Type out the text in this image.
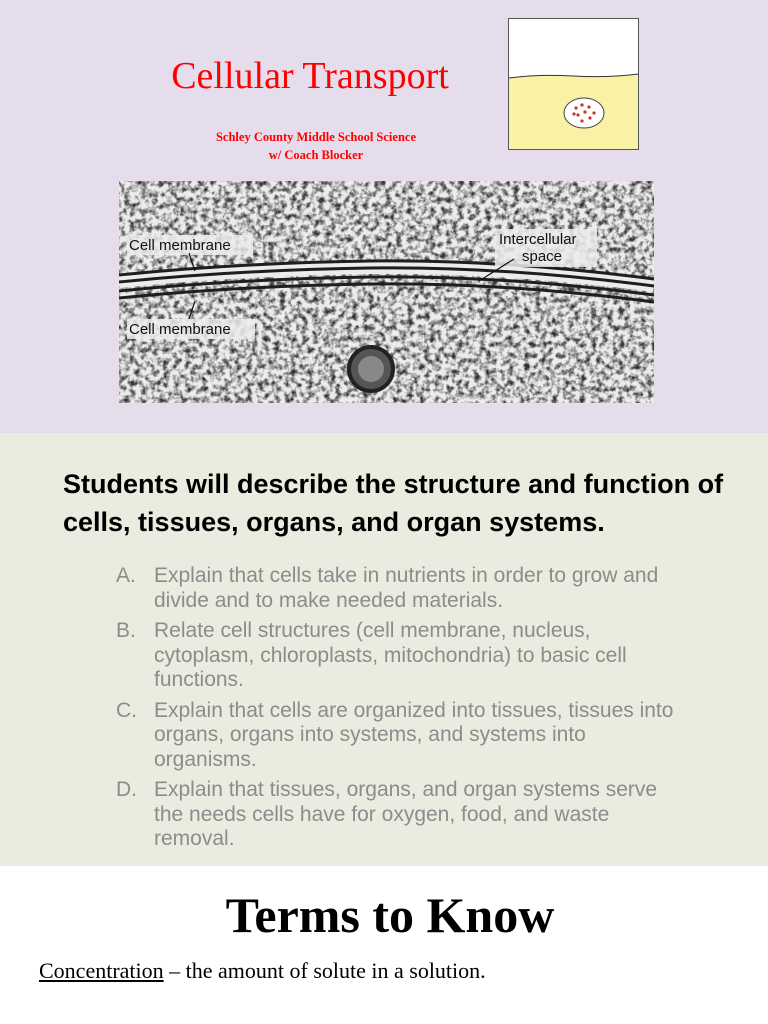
Cellular Transport
Schley County Middle School Science
w/ Coach Blocker
Cell membrane
Cell membrane
Intercellular
space

Students will describe the structure and function of cells, tissues, organs, and organ systems.

A. Explain that cells take in nutrients in order to grow and divide and to make needed materials.
B. Relate cell structures (cell membrane, nucleus, cytoplasm, chloroplasts, mitochondria) to basic cell functions.
C. Explain that cells are organized into tissues, tissues into organs, organs into systems, and systems into organisms.
D. Explain that tissues, organs, and organ systems serve the needs cells have for oxygen, food, and waste removal.
Terms to Know

Concentration – the amount of solute in a solution.
